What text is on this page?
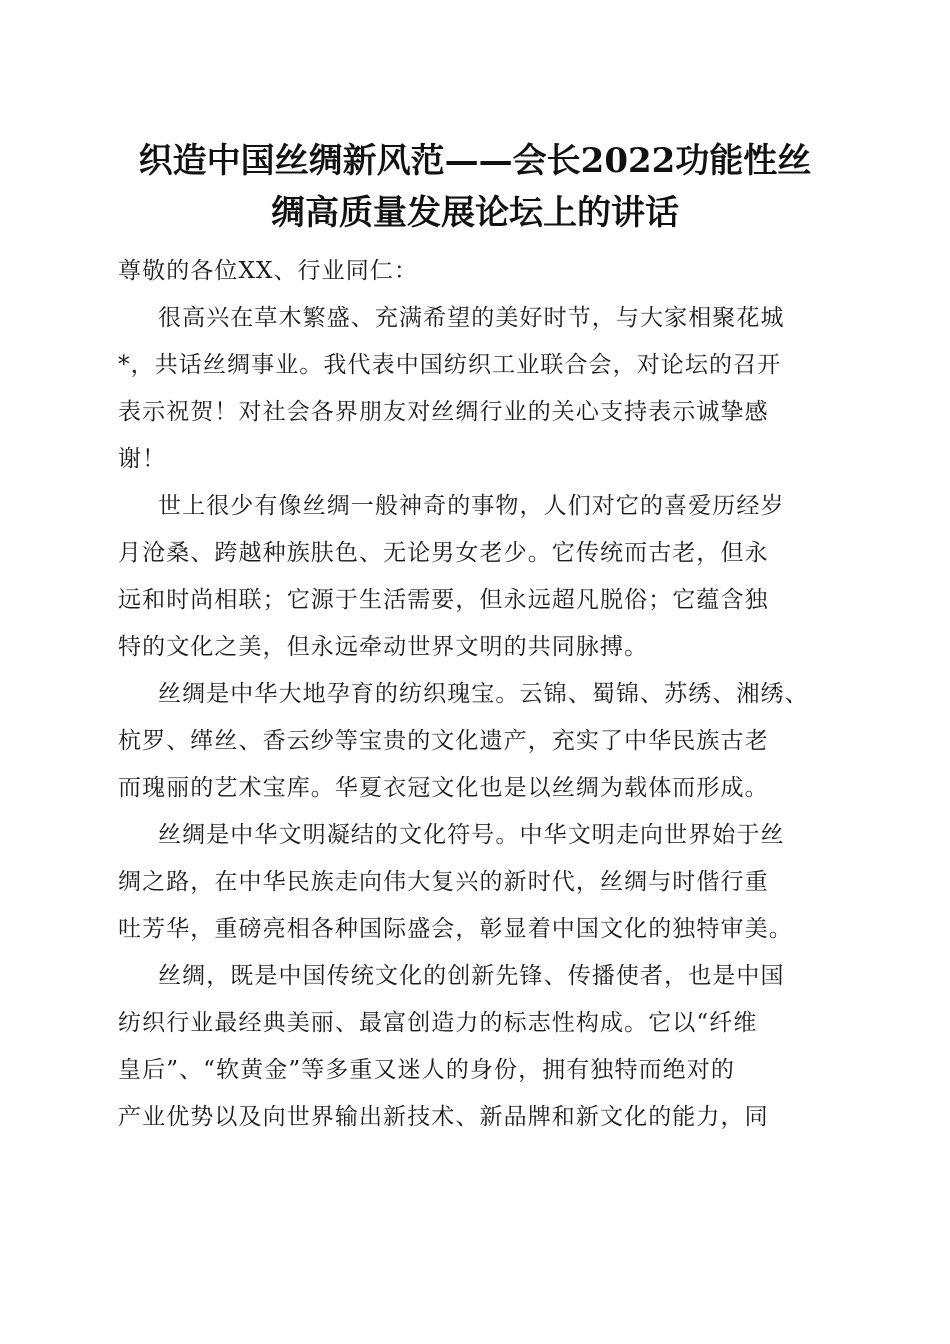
织造中国丝绸新风范——会长2022功能性丝
绸高质量发展论坛上的讲话
尊敬的各位XX、行业同仁：
很高兴在草木繁盛、充满希望的美好时节，与大家相聚花城
*，共话丝绸事业。我代表中国纺织工业联合会，对论坛的召开
表示祝贺！对社会各界朋友对丝绸行业的关心支持表示诚挚感
谢！
世上很少有像丝绸一般神奇的事物，人们对它的喜爱历经岁
月沧桑、跨越种族肤色、无论男女老少。它传统而古老，但永
远和时尚相联；它源于生活需要，但永远超凡脱俗；它蕴含独
特的文化之美，但永远牵动世界文明的共同脉搏。
丝绸是中华大地孕育的纺织瑰宝。云锦、蜀锦、苏绣、湘绣、
杭罗、缂丝、香云纱等宝贵的文化遗产，充实了中华民族古老
而瑰丽的艺术宝库。华夏衣冠文化也是以丝绸为载体而形成。
丝绸是中华文明凝结的文化符号。中华文明走向世界始于丝
绸之路，在中华民族走向伟大复兴的新时代，丝绸与时偕行重
吐芳华，重磅亮相各种国际盛会，彰显着中国文化的独特审美。
丝绸，既是中国传统文化的创新先锋、传播使者，也是中国
纺织行业最经典美丽、最富创造力的标志性构成。它以“纤维
皇后”、“软黄金”等多重又迷人的身份，拥有独特而绝对的
产业优势以及向世界输出新技术、新品牌和新文化的能力，同
